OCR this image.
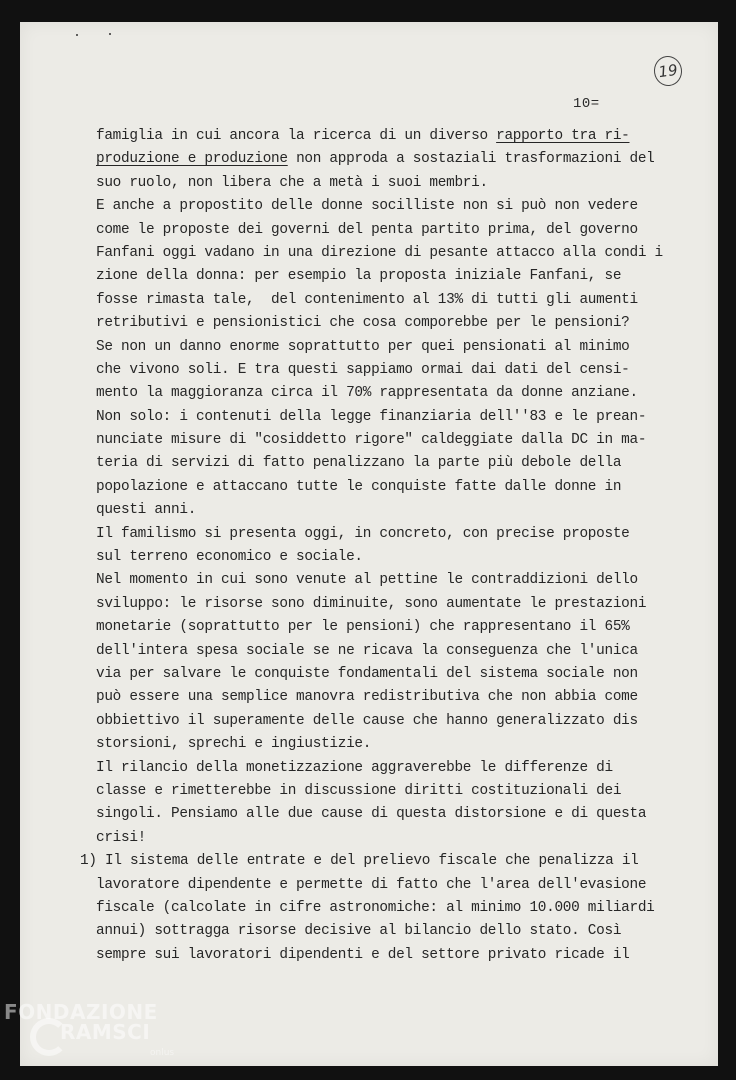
19
10=
famiglia in cui ancora la ricerca di un diverso rapporto tra ri-
produzione e produzione non approda a sostaziali trasformazioni del
suo ruolo, non libera che a metà i suoi membri.
E anche a propostito delle donne socilliste non si può non vedere
come le proposte dei governi del penta partito prima, del governo
Fanfani oggi vadano in una direzione di pesante attacco alla condi i
zione della donna: per esempio la proposta iniziale Fanfani, se
fosse rimasta tale,  del contenimento al 13% di tutti gli aumenti
retributivi e pensionistici che cosa comporebbe per le pensioni?
Se non un danno enorme soprattutto per quei pensionati al minimo
che vivono soli. E tra questi sappiamo ormai dai dati del censi-
mento la maggioranza circa il 70% rappresentata da donne anziane.
Non solo: i contenuti della legge finanziaria dell''83 e le prean-
nunciate misure di "cosiddetto rigore" caldeggiate dalla DC in ma-
teria di servizi di fatto penalizzano la parte più debole della
popolazione e attaccano tutte le conquiste fatte dalle donne in
questi anni.
Il familismo si presenta oggi, in concreto, con precise proposte
sul terreno economico e sociale.
Nel momento in cui sono venute al pettine le contraddizioni dello
sviluppo: le risorse sono diminuite, sono aumentate le prestazioni
monetarie (soprattutto per le pensioni) che rappresentano il 65%
dell'intera spesa sociale se ne ricava la conseguenza che l'unica
via per salvare le conquiste fondamentali del sistema sociale non
può essere una semplice manovra redistributiva che non abbia come
obbiettivo il superamente delle cause che hanno generalizzato dis
storsioni, sprechi e ingiustizie.
Il rilancio della monetizzazione aggraverebbe le differenze di
classe e rimetterebbe in discussione diritti costituzionali dei
singoli. Pensiamo alle due cause di questa distorsione e di questa
crisi!
1) Il sistema delle entrate e del prelievo fiscale che penalizza il
lavoratore dipendente e permette di fatto che l'area dell'evasione
fiscale (calcolate in cifre astronomiche: al minimo 10.000 miliardi
annui) sottragga risorse decisive al bilancio dello stato. Così
sempre sui lavoratori dipendenti e del settore privato ricade il
FONDAZIONE
RAMSCI
onlus
